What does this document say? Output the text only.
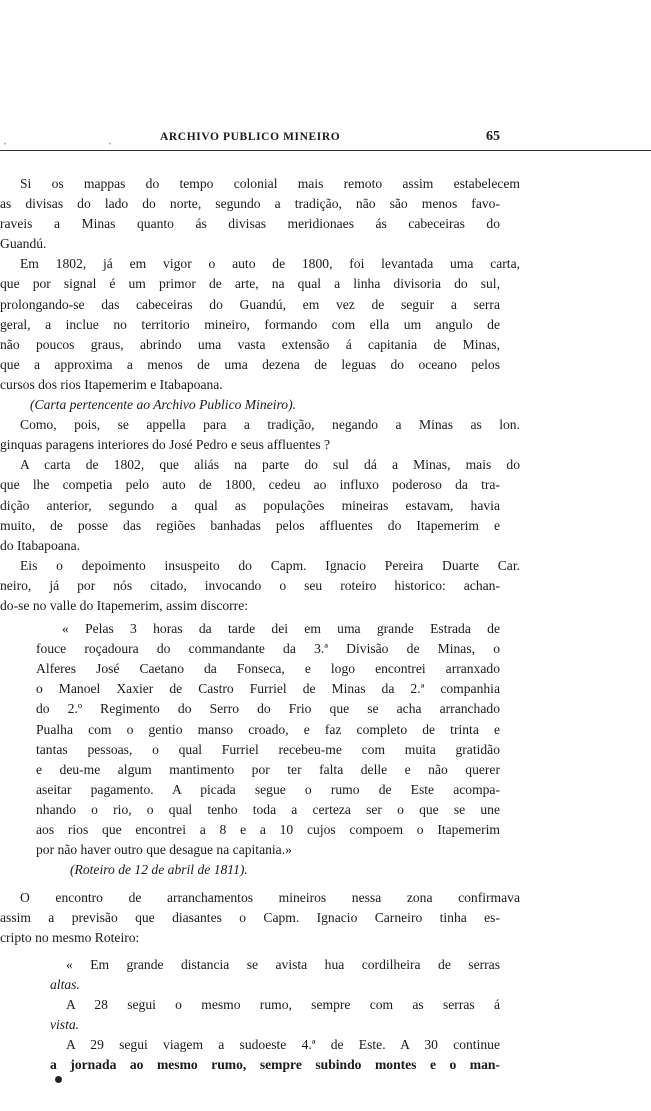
ˌ	ˌ	ARCHIVO PUBLICO MINEIRO	65
Si os mappas do tempo colonial mais remoto assim estabelecem
as divisas do lado do norte, segundo a tradição, não são menos favo-
raveis a Minas quanto ás divisas meridionaes ás cabeceiras do
Guandú.
Em 1802, já em vigor o auto de 1800, foi levantada uma carta,
que por signal é um primor de arte, na qual a linha divisoria do sul,
prolongando-se das cabeceiras do Guandú, em vez de seguir a serra
geral, a inclue no territorio mineiro, formando com ella um angulo de
não poucos graus, abrindo uma vasta extensão á capitania de Minas,
que a approxima a menos de uma dezena de leguas do oceano pelos
cursos dos rios Itapemerim e Itabapoana.
(Carta pertencente ao Archivo Publico Mineiro).
Como, pois, se appella para a tradição, negando a Minas as lon.
ginquas paragens interiores do José Pedro e seus affluentes ?
A carta de 1802, que aliás na parte do sul dá a Minas, mais do
que lhe competia pelo auto de 1800, cedeu ao influxo poderoso da tra-
dição anterior, segundo a qual as populações mineiras estavam, havia
muito, de posse das regiões banhadas pelos affluentes do Itapemerim e
do Itabapoana.
Eis o depoimento insuspeito do Capm. Ignacio Pereira Duarte Car.
neiro, já por nós citado, invocando o seu roteiro historico: achan-
do-se no valle do Itapemerim, assim discorre:
« Pelas 3 horas da tarde dei em uma grande Estrada de
fouce roçadoura do commandante da 3.ª Divisão de Minas, o
Alferes José Caetano da Fonseca, e logo encontrei arranxado
o Manoel Xaxier de Castro Furriel de Minas da 2.ª companhia
do 2.º Regimento do Serro do Frio que se acha arranchado
Pualha com o gentio manso croado, e faz completo de trinta e
tantas pessoas, o qual Furriel recebeu-me com muita gratidão
e deu-me algum mantimento por ter falta delle e não querer
aseitar pagamento. A picada segue o rumo de Este acompa-
nhando o rio, o qual tenho toda a certeza ser o que se une
aos rios que encontrei a 8 e a 10 cujos compoem o Itapemerim
por não haver outro que desague na capitania.»
(Roteiro de 12 de abril de 1811).
O encontro de arranchamentos mineiros nessa zona confirmava
assim a previsão que diasantes o Capm. Ignacio Carneiro tinha es-
cripto no mesmo Roteiro:
« Em grande distancia se avista hua cordilheira de serras
altas.
A 28 segui o mesmo rumo, sempre com as serras á
vista.
A 29 segui viagem a sudoeste 4.ª de Este. A 30 continue
a jornada ao mesmo rumo, sempre subindo montes e o man-
